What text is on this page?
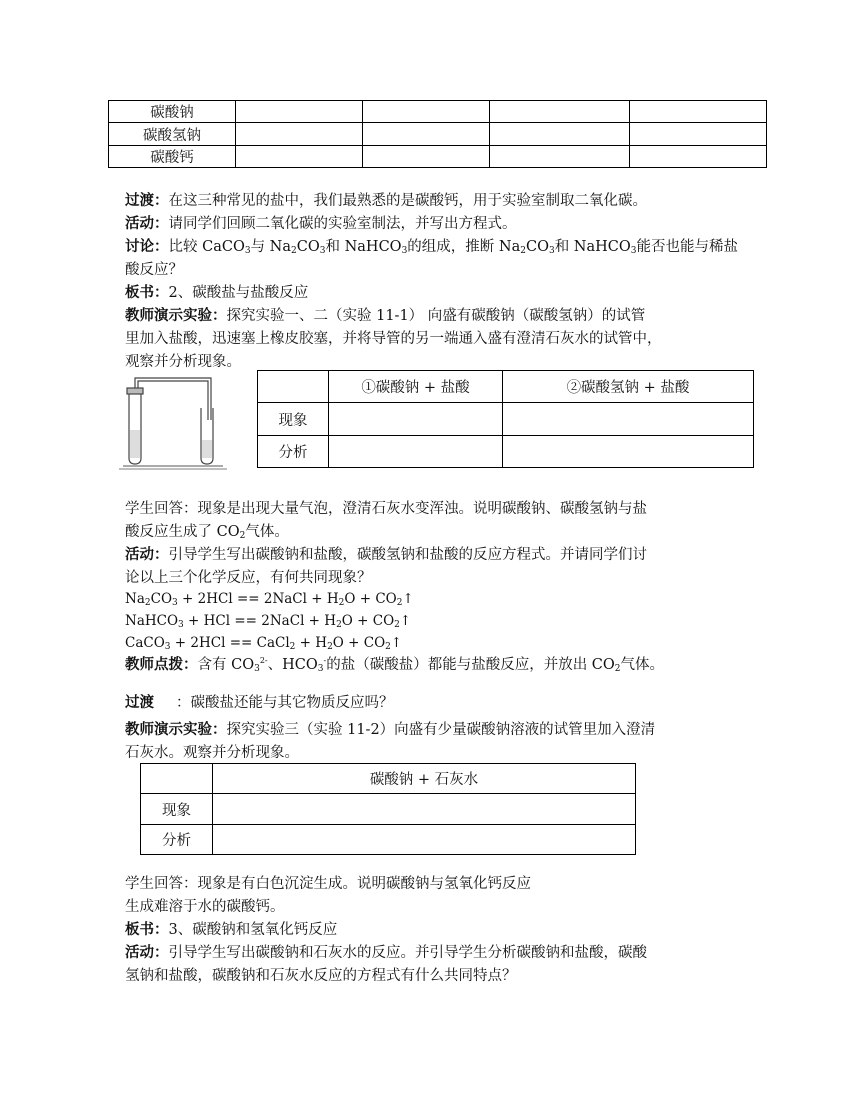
碳酸钠				
碳酸氢钠				
碳酸钙				
过渡：在这三种常见的盐中，我们最熟悉的是碳酸钙，用于实验室制取二氧化碳。
活动：请同学们回顾二氧化碳的实验室制法，并写出方程式。
讨论：比较 CaCO$_3$与 $Na_2CO_3$和 NaHCO$_3$的组成，推断 $Na_2CO_3$和 NaHCO$_3$能否也能与稀盐
酸反应？
板书：2、碳酸盐与盐酸反应
教师演示实验：探究实验一、二（实验 11-1） 向盛有碳酸钠（碳酸氢钠）的试管
里加入盐酸，迅速塞上橡皮胶塞，并将导管的另一端通入盛有澄清石灰水的试管中，
观察并分析现象。
	①碳酸钠 + 盐酸	②碳酸氢钠 + 盐酸
现象		
分析		
学生回答：现象是出现大量气泡，澄清石灰水变浑浊。说明碳酸钠、碳酸氢钠与盐
酸反应生成了 $CO_2$气体。
活动：引导学生写出碳酸钠和盐酸，碳酸氢钠和盐酸的反应方程式。并请同学们讨
论以上三个化学反应，有何共同现象？
$Na_2CO_3 + 2HCl$ == 2NaCl + $H_2O$ + $CO_2↑$
NaHCO$_3$ + HCl == 2NaCl + $H_2O$ + $CO_2↑$
CaCO$_3$ + 2HCl == CaCl$_2$ + $H_2O$ + $CO_2↑$
教师点拨：含有 $CO_3^{2-}$、$HCO_3^-$的盐（碳酸盐）都能与盐酸反应，并放出 $CO_2$气体。
过渡 ：碳酸盐还能与其它物质反应吗？
教师演示实验：探究实验三（实验 11-2）向盛有少量碳酸钠溶液的试管里加入澄清
石灰水。观察并分析现象。
	碳酸钠 + 石灰水
现象	
分析	
学生回答：现象是有白色沉淀生成。说明碳酸钠与氢氧化钙反应
生成难溶于水的碳酸钙。
板书：3、碳酸钠和氢氧化钙反应
活动：引导学生写出碳酸钠和石灰水的反应。并引导学生分析碳酸钠和盐酸，碳酸
氢钠和盐酸，碳酸钠和石灰水反应的方程式有什么共同特点？
